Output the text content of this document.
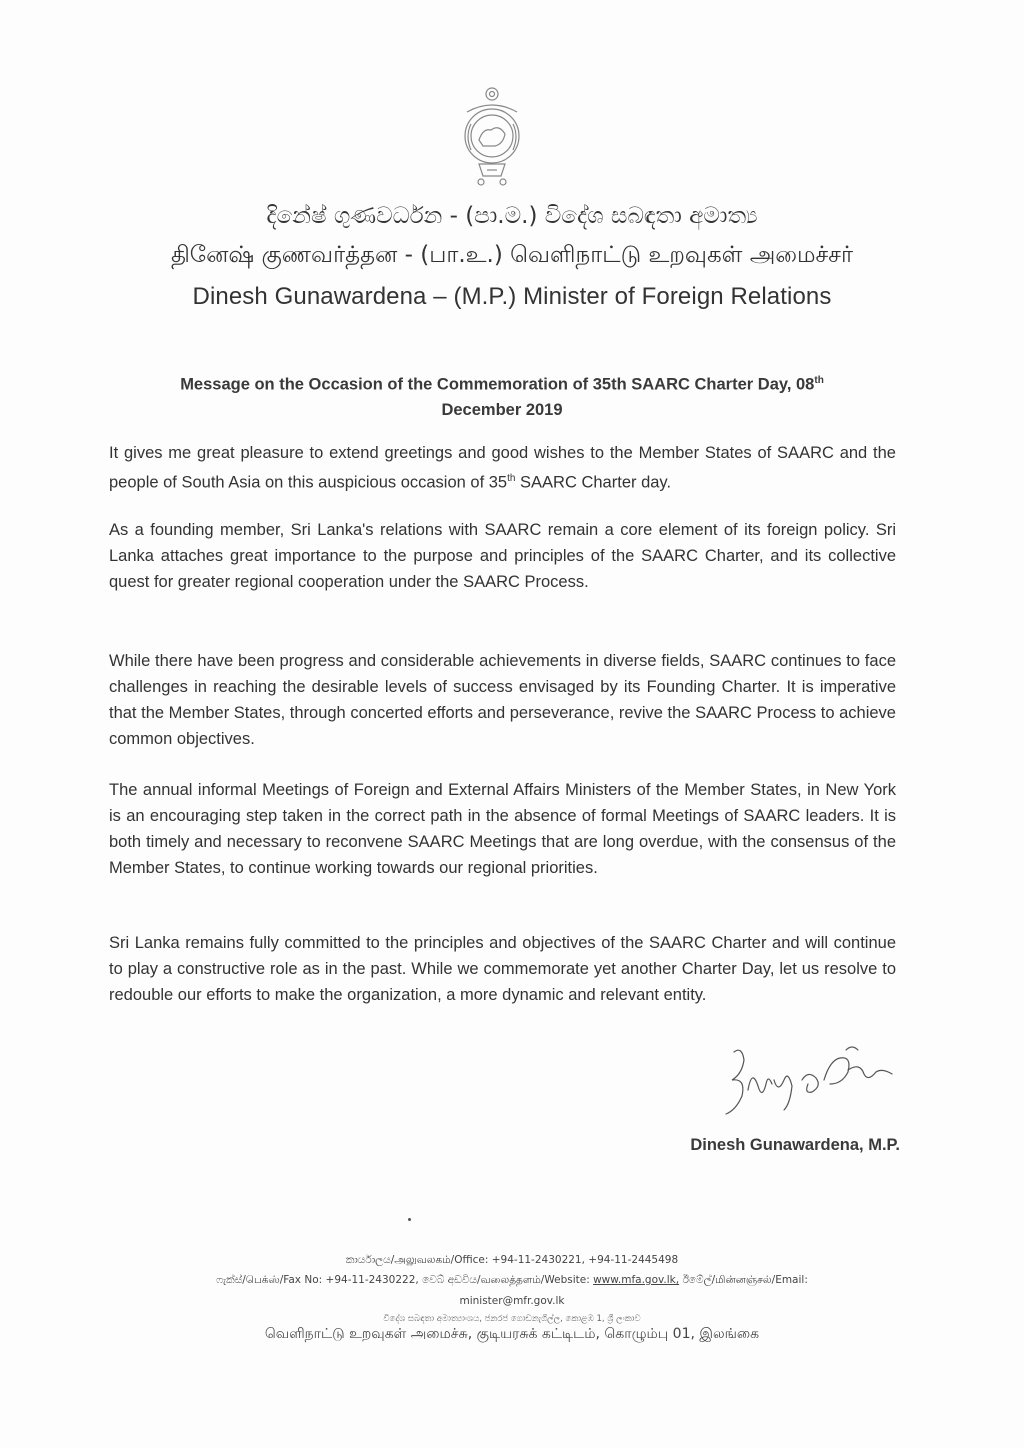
දිනේෂ් ගුණවර්ධන - (පා.ම.) විදේශ සබඳතා අමාත්‍ය
தினேஷ் குணவர்த்தன - (பா.உ.) வெளிநாட்டு உறவுகள் அமைச்சர்
Dinesh Gunawardena – (M.P.) Minister of Foreign Relations
Message on the Occasion of the Commemoration of 35th SAARC Charter Day, 08th
December 2019
It gives me great pleasure to extend greetings and good wishes to the Member States of SAARC and the people of South Asia on this auspicious occasion of 35th SAARC Charter day.
As a founding member, Sri Lanka's relations with SAARC remain a core element of its foreign policy. Sri Lanka attaches great importance to the purpose and principles of the SAARC Charter, and its collective quest for greater regional cooperation under the SAARC Process.
While there have been progress and considerable achievements in diverse fields, SAARC continues to face challenges in reaching the desirable levels of success envisaged by its Founding Charter. It is imperative that the Member States, through concerted efforts and perseverance, revive the SAARC Process to achieve common objectives.
The annual informal Meetings of Foreign and External Affairs Ministers of the Member States, in New York is an encouraging step taken in the correct path in the absence of formal Meetings of SAARC leaders. It is both timely and necessary to reconvene SAARC Meetings that are long overdue, with the consensus of the Member States, to continue working towards our regional priorities.
Sri Lanka remains fully committed to the principles and objectives of the SAARC Charter and will continue to play a constructive role as in the past. While we commemorate yet another Charter Day, let us resolve to redouble our efforts to make the organization, a more dynamic and relevant entity.
Dinesh Gunawardena, M.P.
කාර්යාලය/அலுவலகம்/Office: +94-11-2430221, +94-11-2445498
ෆැක්ස්/பெக்ஸ்/Fax No: +94-11-2430222, වෙබ් අඩවිය/வலைத்தளம்/Website: www.mfa.gov.lk, ඊමේල්/மின்னஞ்சல்/Email:
minister@mfr.gov.lk
විදේශ සබඳතා අමාත්‍යාංශය, ජනරජ ගොඩනැගිල්ල, කොළඹ 1, ශ්‍රී ලංකාව
வெளிநாட்டு உறவுகள் அமைச்சு, குடியரசுக் கட்டிடம், கொழும்பு 01, இலங்கை
